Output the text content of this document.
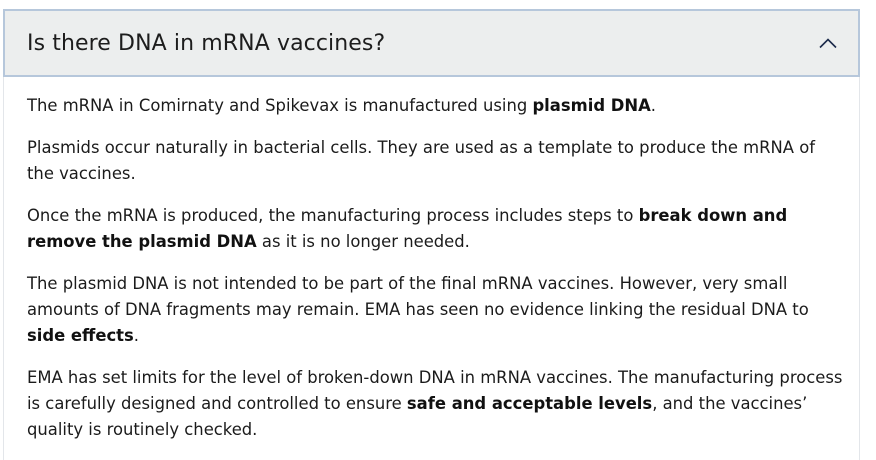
Is there DNA in mRNA vaccines?

The mRNA in Comirnaty and Spikevax is manufactured using plasmid DNA.

Plasmids occur naturally in bacterial cells. They are used as a template to produce the mRNA of the vaccines.

Once the mRNA is produced, the manufacturing process includes steps to break down and remove the plasmid DNA as it is no longer needed.

The plasmid DNA is not intended to be part of the final mRNA vaccines. However, very small amounts of DNA fragments may remain. EMA has seen no evidence linking the residual DNA to side effects.

EMA has set limits for the level of broken-down DNA in mRNA vaccines. The manufacturing process is carefully designed and controlled to ensure safe and acceptable levels, and the vaccines’ quality is routinely checked.
